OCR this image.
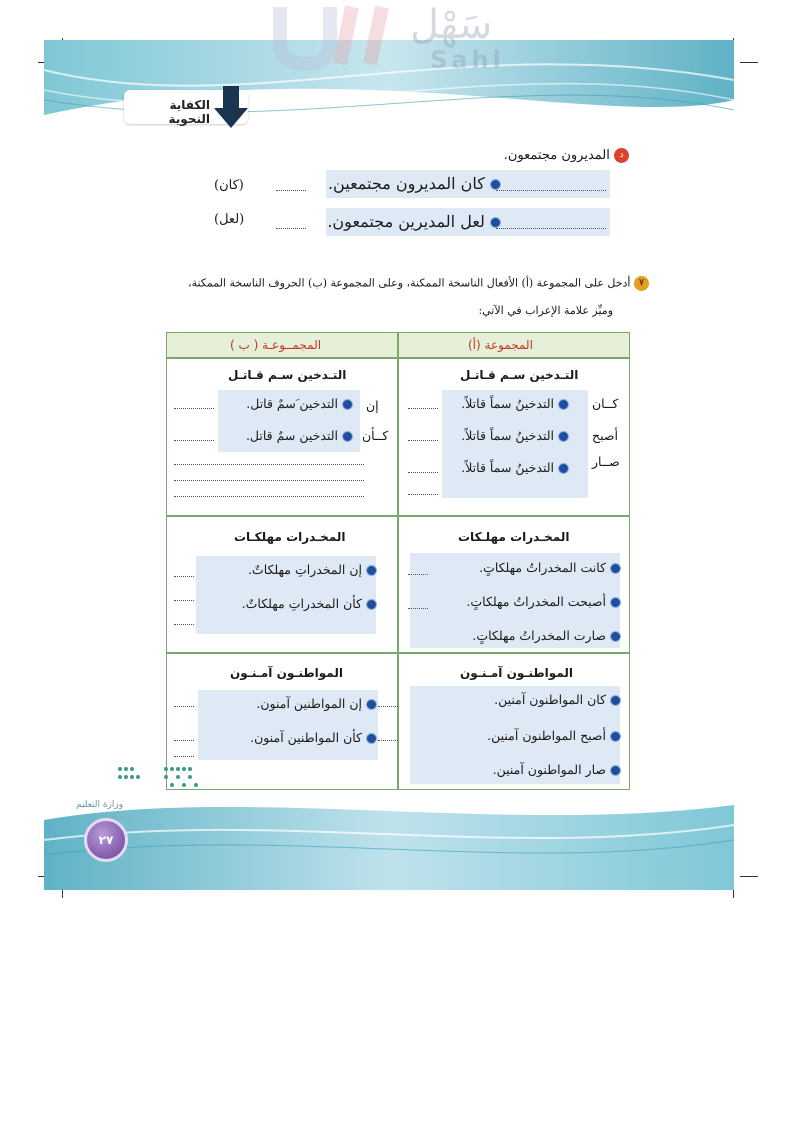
سَهْل
Sahl
الكفاية النحوية
د المديرون مجتمعون.
كان المديرون مجتمعين.
(كان)
لعل المديرين مجتمعون.
(لعل)
٧ أدخل على المجموعة (أ) الأفعال الناسخة الممكنة، وعلى المجموعة (ب) الحروف الناسخة الممكنة،
وميِّز علامة الإعراب في الآتي:
المجموعة (أ)
المجمــوعـة ( ب )
التـدخين سـم قـاتـل
التـدخين سـم قـاتـل
كــان
أصبح
صــار
التدخينُ سماً قاتلاً.
التدخينُ سماً قاتلاً.
التدخينُ سماً قاتلاً.
إن
كــأن
التدخين َسمٌ قاتل.
التدخين سمٌ قاتل.
المخـدرات مهلـكات
المخـدرات مهلكـات
كانت المخدراتُ مهلكاتٍ.
أصبحت المخدراتُ مهلكاتٍ.
صارت المخدراتُ مهلكاتٍ.
إن المخدراتِ مهلكاتٌ.
كأن المخدراتِ مهلكاتٌ.
المواطنـون آمـنـون
المواطنـون آمـنـون
كان المواطنون آمنين.
أصبح المواطنون آمنين.
صار المواطنون آمنين.
إن المواطنين آمنون.
كأن المواطنين آمنون.
وزارة التعليم
٢٧
